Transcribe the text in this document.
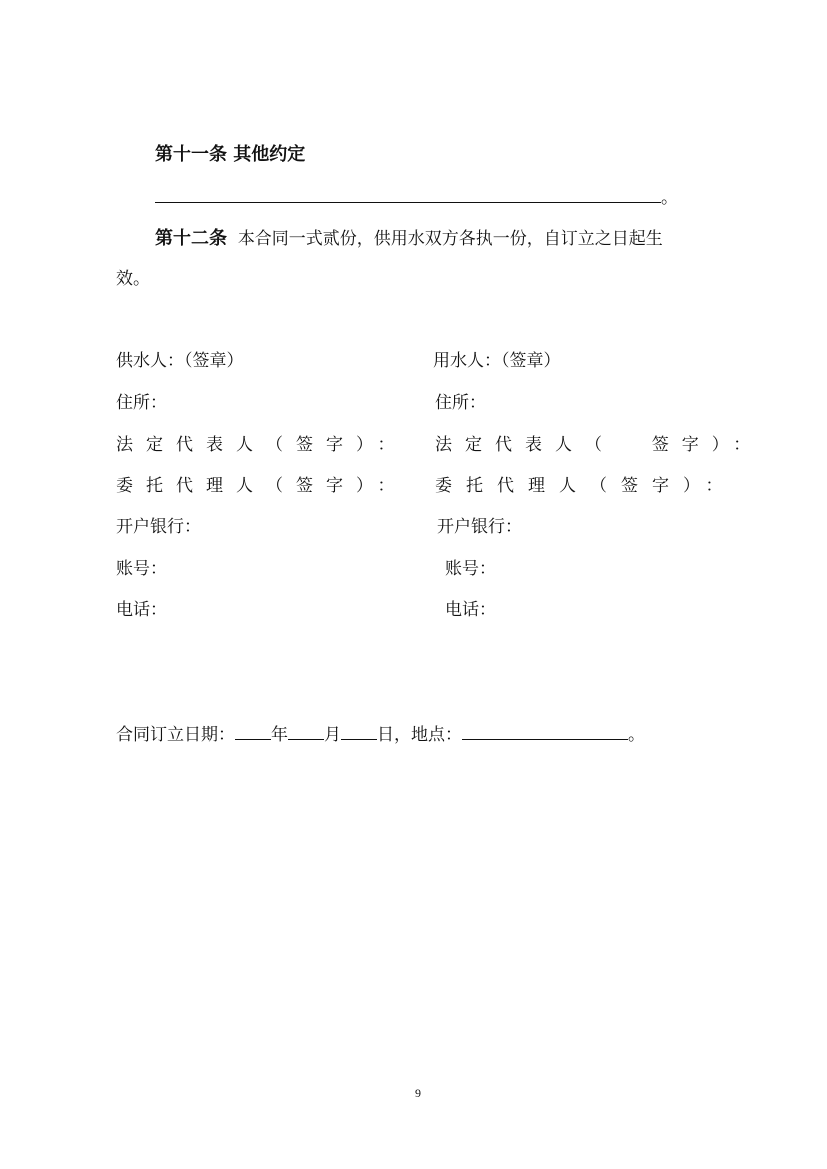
第十一条 其他约定
。
第十二条 本合同一式贰份，供用水双方各执一份，自订立之日起生
效。
供水人：（签章）
住所：
法定代表人（签字）：
委托代理人（签字）：
开户银行：
账号：
电话：
用水人：（签章）
住所：
法定代表人（ 签字）：
委托代理人（签字）：
开户银行：
账号：
电话：
合同订立日期： 年 月 日，地点：	。
9
